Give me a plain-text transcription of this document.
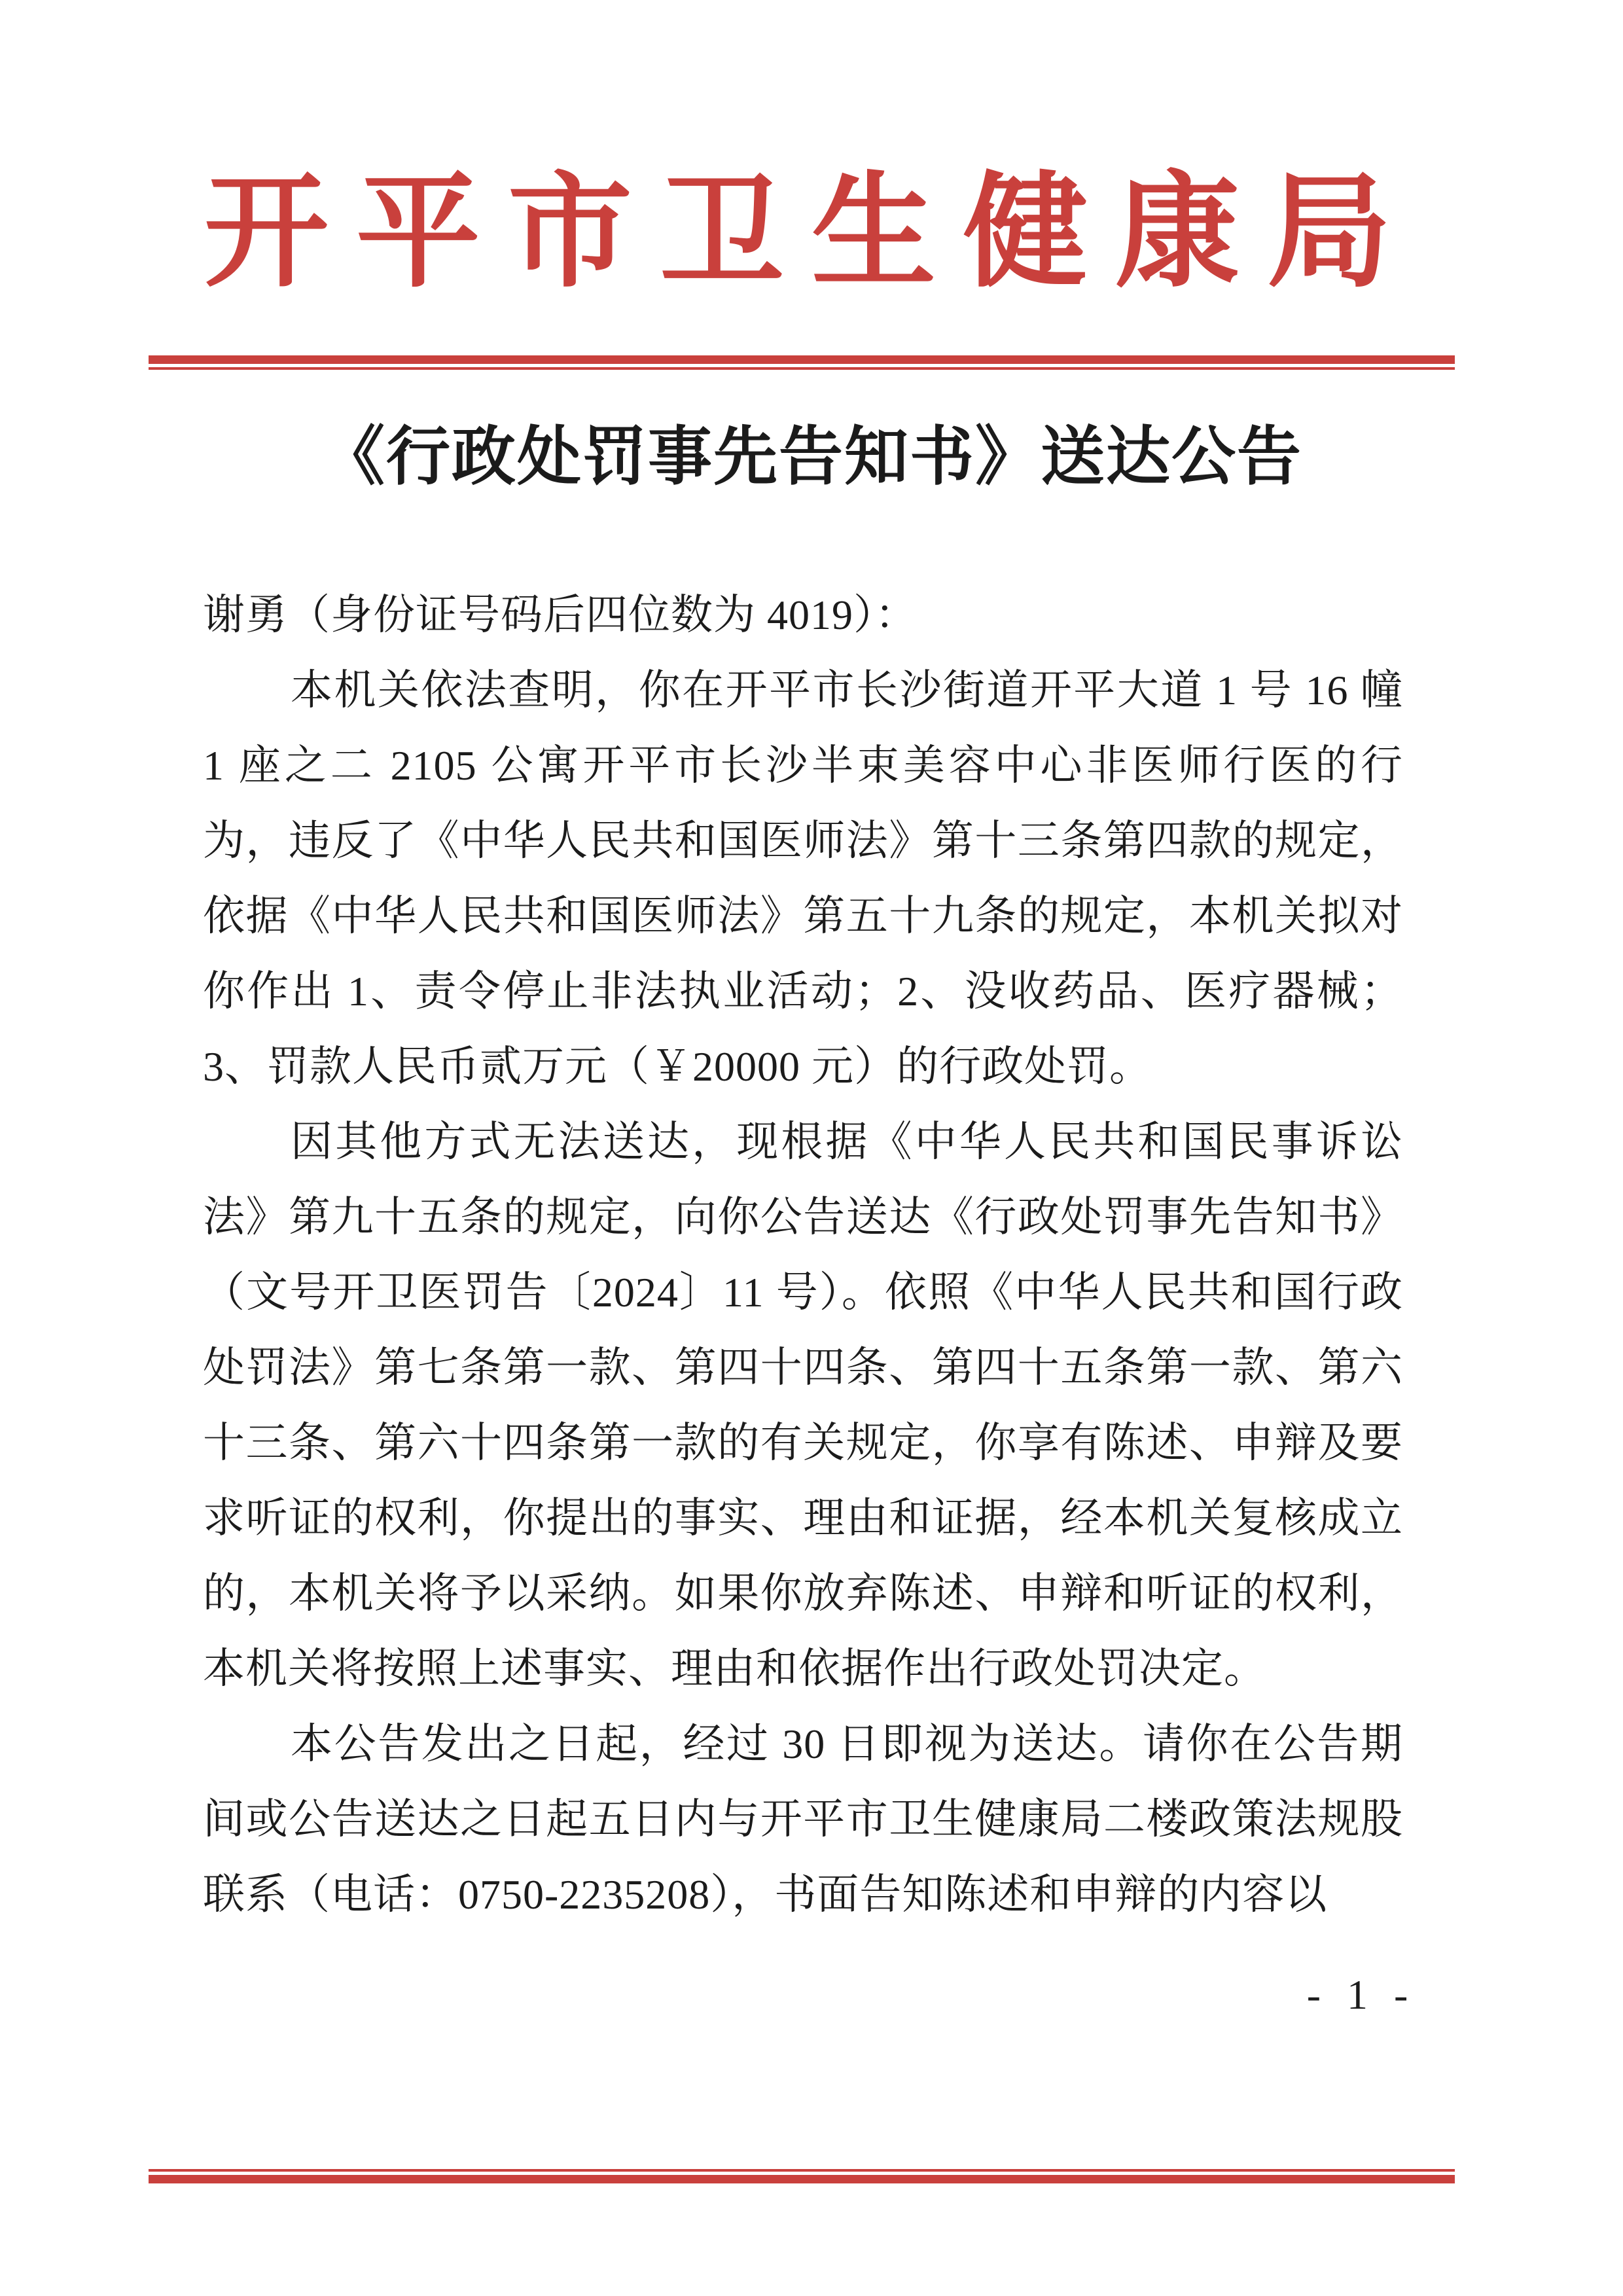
开平市卫生健康局
《行政处罚事先告知书》送达公告

谢勇（身份证号码后四位数为 4019）：

本机关依法查明，你在开平市长沙街道开平大道 1 号 16 幢 1 座之二 2105 公寓开平市长沙半束美容中心非医师行医的行为，违反了《中华人民共和国医师法》第十三条第四款的规定，依据《中华人民共和国医师法》第五十九条的规定，本机关拟对你作出 1、责令停止非法执业活动；2、没收药品、医疗器械；3、罚款人民币贰万元（￥20000 元）的行政处罚。

因其他方式无法送达，现根据《中华人民共和国民事诉讼法》第九十五条的规定，向你公告送达《行政处罚事先告知书》（文号开卫医罚告〔2024〕11 号）。依照《中华人民共和国行政处罚法》第七条第一款、第四十四条、第四十五条第一款、第六十三条、第六十四条第一款的有关规定，你享有陈述、申辩及要求听证的权利，你提出的事实、理由和证据，经本机关复核成立的，本机关将予以采纳。如果你放弃陈述、申辩和听证的权利，本机关将按照上述事实、理由和依据作出行政处罚决定。

本公告发出之日起，经过 30 日即视为送达。请你在公告期间或公告送达之日起五日内与开平市卫生健康局二楼政策法规股联系（电话：0750-2235208），书面告知陈述和申辩的内容以

- 1 -
